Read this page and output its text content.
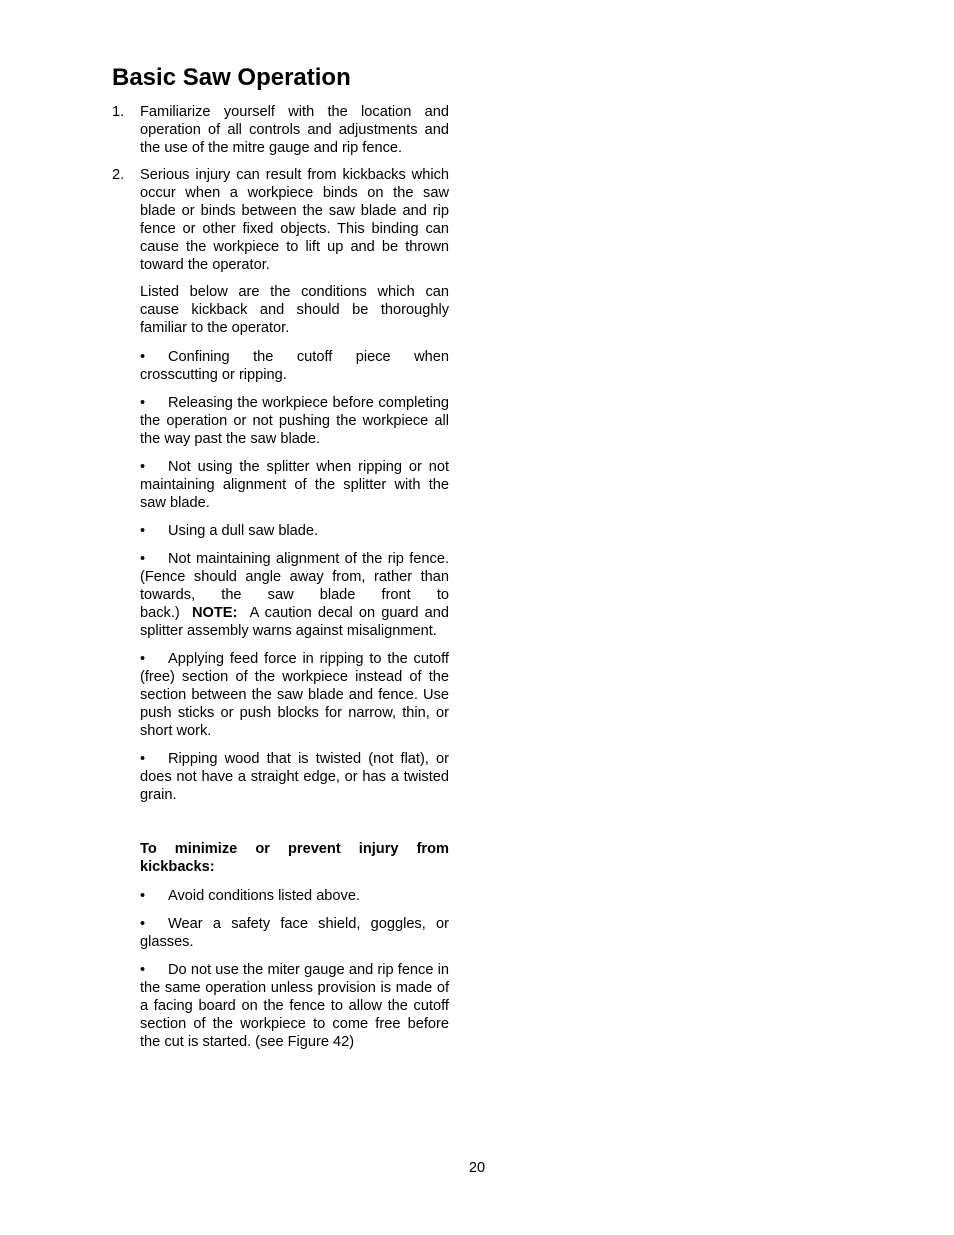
Basic Saw Operation
1. Familiarize yourself with the location and operation of all controls and adjustments and the use of the mitre gauge and rip fence.
2. Serious injury can result from kickbacks which occur when a workpiece binds on the saw blade or binds between the saw blade and rip fence or other fixed objects. This binding can cause the workpiece to lift up and be thrown toward the operator.
Listed below are the conditions which can cause kickback and should be thoroughly familiar to the operator.
• Confining the cutoff piece when crosscutting or ripping.
• Releasing the workpiece before completing the operation or not pushing the workpiece all the way past the saw blade.
• Not using the splitter when ripping or not maintaining alignment of the splitter with the saw blade.
• Using a dull saw blade.
• Not maintaining alignment of the rip fence. (Fence should angle away from, rather than towards, the saw blade front to back.) NOTE: A caution decal on guard and splitter assembly warns against misalignment.
• Applying feed force in ripping to the cutoff (free) section of the workpiece instead of the section between the saw blade and fence. Use push sticks or push blocks for narrow, thin, or short work.
• Ripping wood that is twisted (not flat), or does not have a straight edge, or has a twisted grain.
To minimize or prevent injury from kickbacks:
• Avoid conditions listed above.
• Wear a safety face shield, goggles, or glasses.
• Do not use the miter gauge and rip fence in the same operation unless provision is made of a facing board on the fence to allow the cutoff section of the workpiece to come free before the cut is started. (see Figure 42)
20
